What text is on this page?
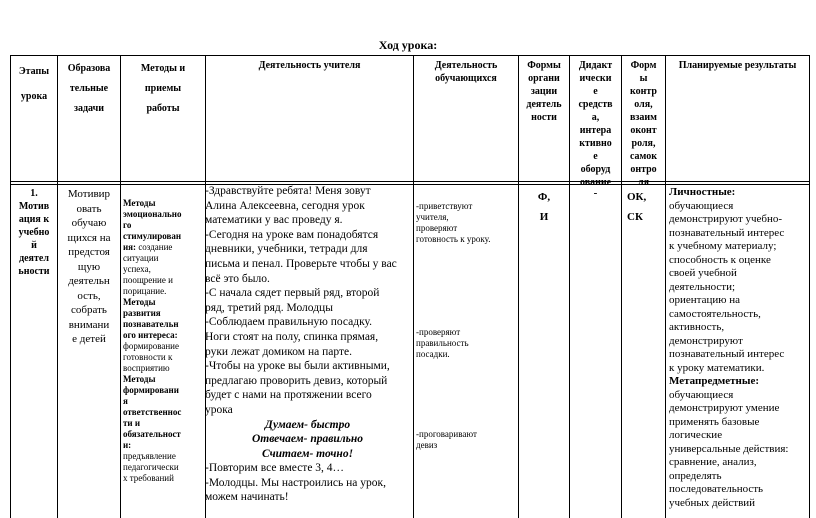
Ход урока:
Этапы
урока
Образова
тельные
задачи
Методы и
приемы
работы
Деятельность учителя	Деятельность
обучающихся
Формы
органи
зации
деятель
ности
Дидакт
ически
е
средств
а,
интера
ктивно
е
оборуд
ование
Форм
ы
контр
оля,
взаим
оконт
роля,
самок
онтро
ля
Планируемые результаты
1.
Мотив
ация к
учебно
й
деятел
ьности
Мотивир
овать
обучаю
щихся на
предстоя
щую
деятельн
ость,
собрать
внимани
е детей

Методы
эмоционально
го
стимулирован
ия: создание
ситуации
успеха,
поощрение и
порицание.
Методы
развития
познавательн
ого интереса:
формирование
готовности к
восприятию
Методы
формировани
я
ответственнос
ти и
обязательност
и:
предъявление
педагогически
х требований

-Здравствуйте ребята! Меня зовут

Алина Алексеевна, сегодня урок

математики у вас проведу я.

-Сегодня на уроке вам понадобятся

дневники, учебники, тетради для

письма и пенал. Проверьте чтобы у вас

всё это было.

-С начала сядет первый ряд, второй

ряд, третий ряд. Молодцы

-Соблюдаем правильную посадку.

Ноги стоят на полу, спинка прямая,

руки лежат домиком на парте.

-Чтобы на уроке вы были активными,

предлагаю проворить девиз, который

будет с нами на протяжении всего

урока

Думаем- быстро

Отвечаем- правильно

Считаем- точно!

-Повторим все вместе 3, 4…

-Молодцы. Мы настроились на урок,

можем начинать!

-приветствуют
учителя,
проверяют
готовность к уроку.
-проверяют
правильность
посадки.
-проговаривают
девиз
Ф,
И
-	ОК,
СК
Личностные:
обучающиеся
демонстрируют учебно-
познавательный интерес
к учебному материалу;
способность к оценке
своей учебной
деятельности;
ориентацию на
самостоятельность,
активность,
демонстрируют
познавательный интерес
к уроку математики.
Метапредметные:
обучающиеся
демонстрируют умение
применять базовые
логические
универсальные действия:
сравнение, анализ,
определять
последовательность
учебных действий
